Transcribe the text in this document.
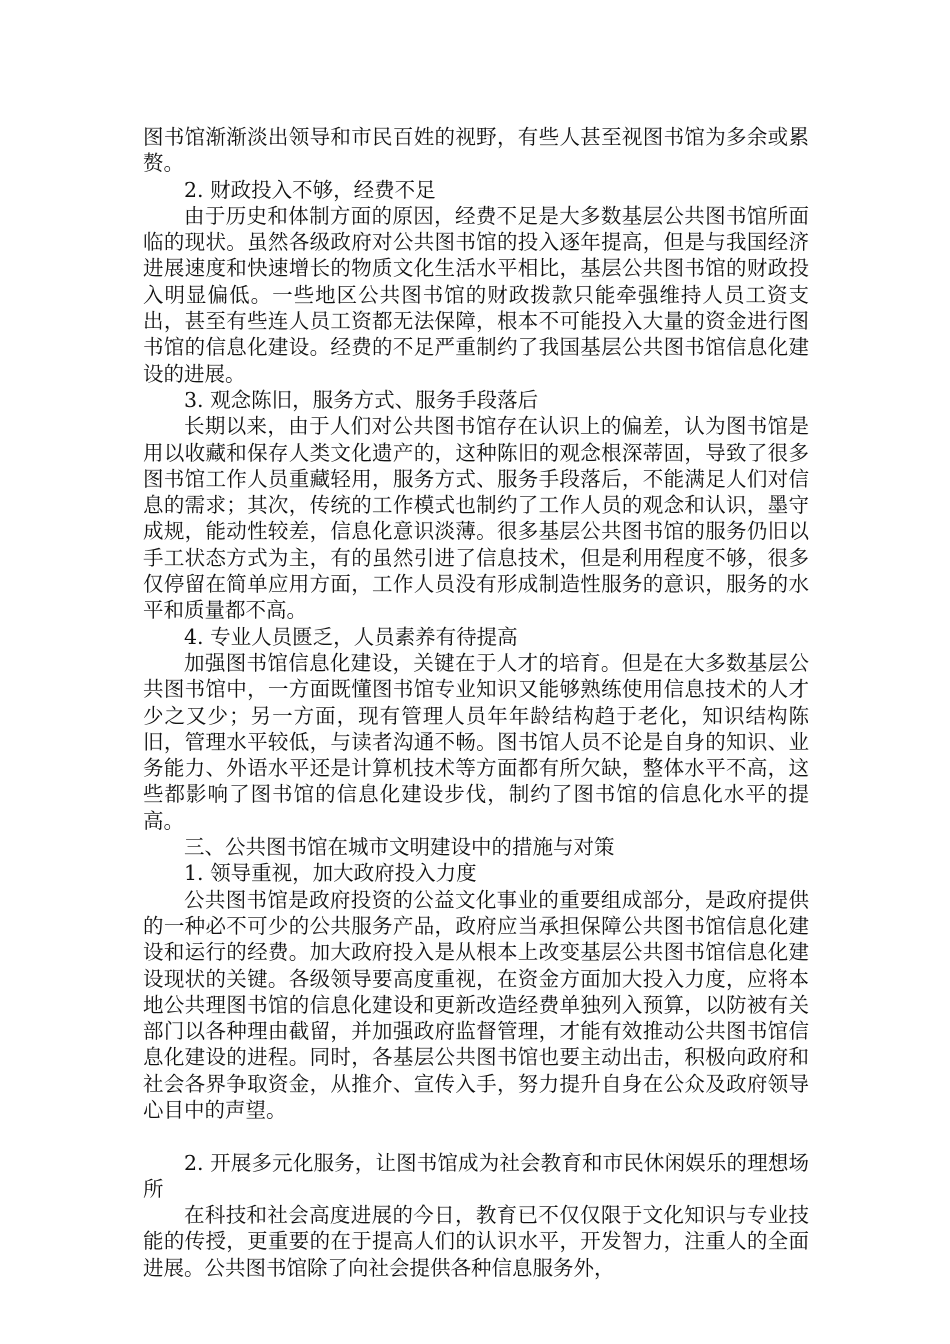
图书馆渐渐淡出领导和市民百姓的视野，有些人甚至视图书馆为多余或累赘。

2. 财政投入不够，经费不足

由于历史和体制方面的原因，经费不足是大多数基层公共图书馆所面临的现状。虽然各级政府对公共图书馆的投入逐年提高，但是与我国经济进展速度和快速增长的物质文化生活水平相比，基层公共图书馆的财政投入明显偏低。一些地区公共图书馆的财政拨款只能牵强维持人员工资支出，甚至有些连人员工资都无法保障，根本不可能投入大量的资金进行图书馆的信息化建设。经费的不足严重制约了我国基层公共图书馆信息化建设的进展。

3. 观念陈旧，服务方式、服务手段落后

长期以来，由于人们对公共图书馆存在认识上的偏差，认为图书馆是用以收藏和保存人类文化遗产的，这种陈旧的观念根深蒂固，导致了很多图书馆工作人员重藏轻用，服务方式、服务手段落后，不能满足人们对信息的需求；其次，传统的工作模式也制约了工作人员的观念和认识，墨守成规，能动性较差，信息化意识淡薄。很多基层公共图书馆的服务仍旧以手工状态方式为主，有的虽然引进了信息技术，但是利用程度不够，很多仅停留在简单应用方面，工作人员没有形成制造性服务的意识，服务的水平和质量都不高。

4. 专业人员匮乏，人员素养有待提高

加强图书馆信息化建设，关键在于人才的培育。但是在大多数基层公共图书馆中，一方面既懂图书馆专业知识又能够熟练使用信息技术的人才少之又少；另一方面，现有管理人员年年龄结构趋于老化，知识结构陈旧，管理水平较低，与读者沟通不畅。图书馆人员不论是自身的知识、业务能力、外语水平还是计算机技术等方面都有所欠缺，整体水平不高，这些都影响了图书馆的信息化建设步伐，制约了图书馆的信息化水平的提高。

三、公共图书馆在城市文明建设中的措施与对策

1. 领导重视，加大政府投入力度

公共图书馆是政府投资的公益文化事业的重要组成部分，是政府提供的一种必不可少的公共服务产品，政府应当承担保障公共图书馆信息化建设和运行的经费。加大政府投入是从根本上改变基层公共图书馆信息化建设现状的关键。各级领导要高度重视，在资金方面加大投入力度，应将本地公共理图书馆的信息化建设和更新改造经费单独列入预算，以防被有关部门以各种理由截留，并加强政府监督管理，才能有效推动公共图书馆信息化建设的进程。同时，各基层公共图书馆也要主动出击，积极向政府和社会各界争取资金，从推介、宣传入手，努力提升自身在公众及政府领导心目中的声望。

2. 开展多元化服务，让图书馆成为社会教育和市民休闲娱乐的理想场所

在科技和社会高度进展的今日，教育已不仅仅限于文化知识与专业技能的传授，更重要的在于提高人们的认识水平，开发智力，注重人的全面进展。公共图书馆除了向社会提供各种信息服务外，
